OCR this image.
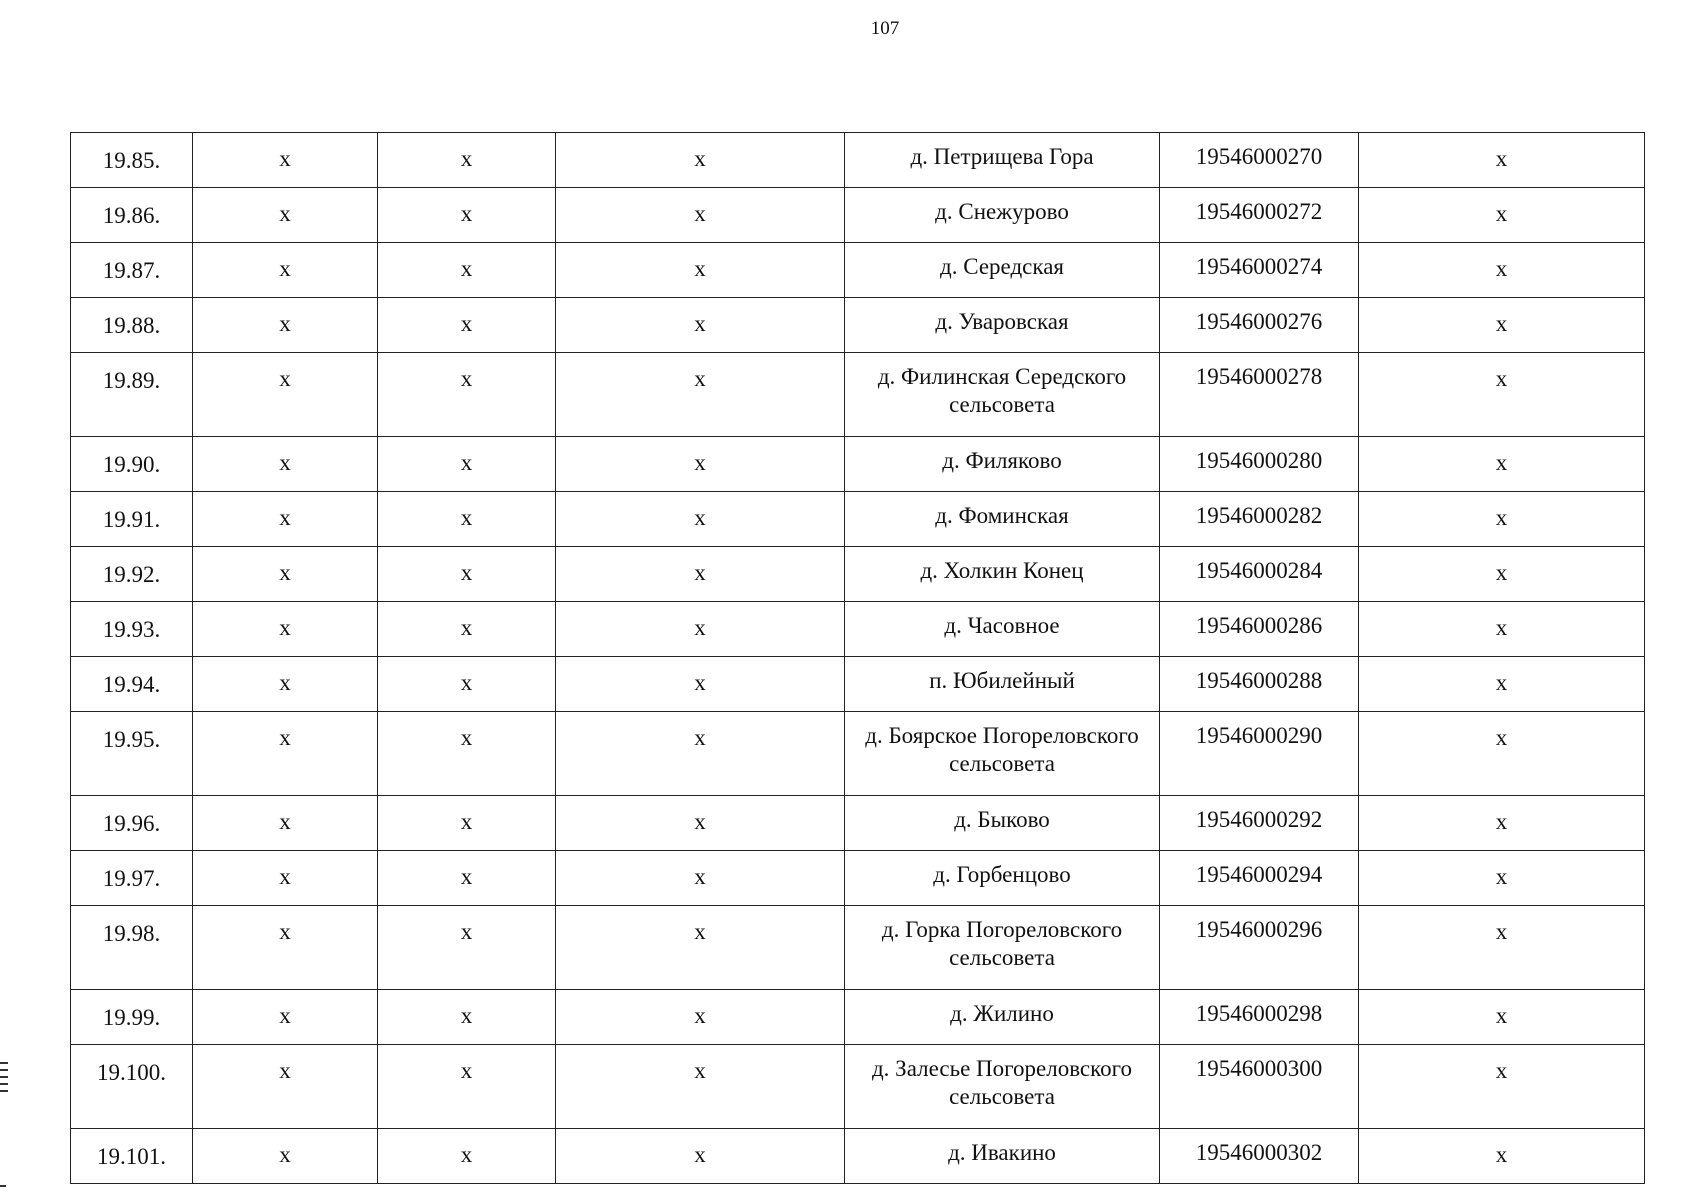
107
19.85.	x	x	x	д. Петрищева Гора	19546000270	x
19.86.	x	x	x	д. Снежурово	19546000272	x
19.87.	x	x	x	д. Середская	19546000274	x
19.88.	x	x	x	д. Уваровская	19546000276	x
19.89.	x	x	x	д. Филинская Середского сельсовета	19546000278	x
19.90.	x	x	x	д. Филяково	19546000280	x
19.91.	x	x	x	д. Фоминская	19546000282	x
19.92.	x	x	x	д. Холкин Конец	19546000284	x
19.93.	x	x	x	д. Часовное	19546000286	x
19.94.	x	x	x	п. Юбилейный	19546000288	x
19.95.	x	x	x	д. Боярское Погореловского сельсовета	19546000290	x
19.96.	x	x	x	д. Быково	19546000292	x
19.97.	x	x	x	д. Горбенцово	19546000294	x
19.98.	x	x	x	д. Горка Погореловского сельсовета	19546000296	x
19.99.	x	x	x	д. Жилино	19546000298	x
19.100.	x	x	x	д. Залесье Погореловского сельсовета	19546000300	x
19.101.	x	x	x	д. Ивакино	19546000302	x
